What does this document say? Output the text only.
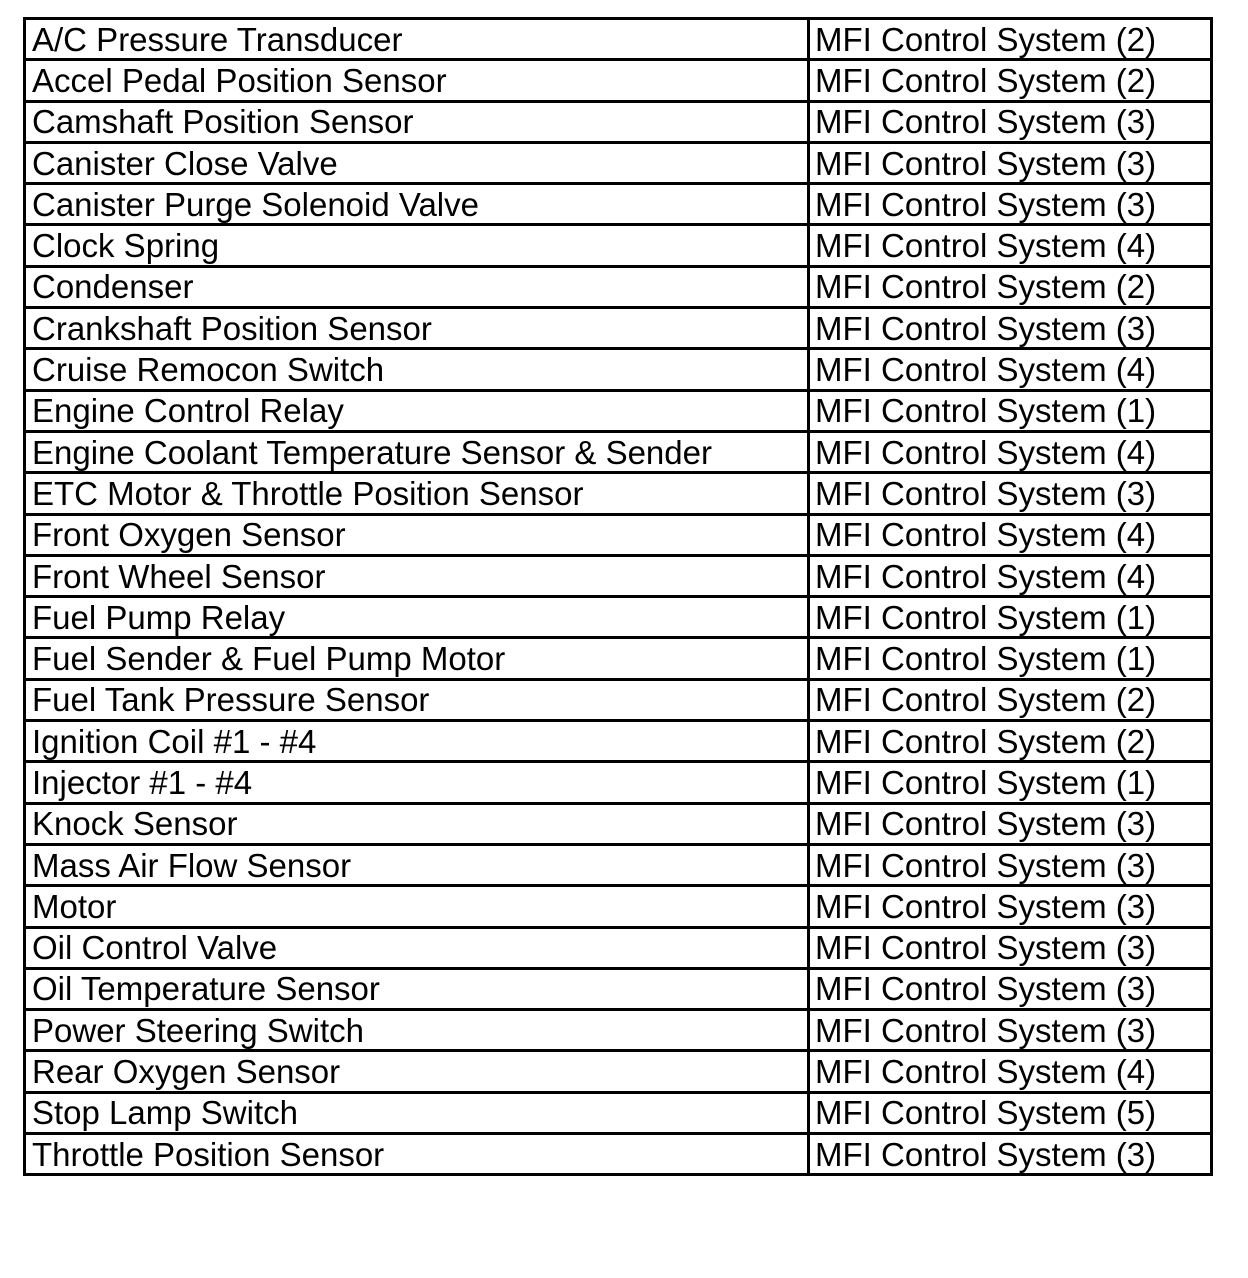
A/C Pressure Transducer	MFI Control System (2)
Accel Pedal Position Sensor	MFI Control System (2)
Camshaft Position Sensor	MFI Control System (3)
Canister Close Valve	MFI Control System (3)
Canister Purge Solenoid Valve	MFI Control System (3)
Clock Spring	MFI Control System (4)
Condenser	MFI Control System (2)
Crankshaft Position Sensor	MFI Control System (3)
Cruise Remocon Switch	MFI Control System (4)
Engine Control Relay	MFI Control System (1)
Engine Coolant Temperature Sensor & Sender	MFI Control System (4)
ETC Motor & Throttle Position Sensor	MFI Control System (3)
Front Oxygen Sensor	MFI Control System (4)
Front Wheel Sensor	MFI Control System (4)
Fuel Pump Relay	MFI Control System (1)
Fuel Sender & Fuel Pump Motor	MFI Control System (1)
Fuel Tank Pressure Sensor	MFI Control System (2)
Ignition Coil #1 - #4	MFI Control System (2)
Injector #1 - #4	MFI Control System (1)
Knock Sensor	MFI Control System (3)
Mass Air Flow Sensor	MFI Control System (3)
Motor	MFI Control System (3)
Oil Control Valve	MFI Control System (3)
Oil Temperature Sensor	MFI Control System (3)
Power Steering Switch	MFI Control System (3)
Rear Oxygen Sensor	MFI Control System (4)
Stop Lamp Switch	MFI Control System (5)
Throttle Position Sensor	MFI Control System (3)
